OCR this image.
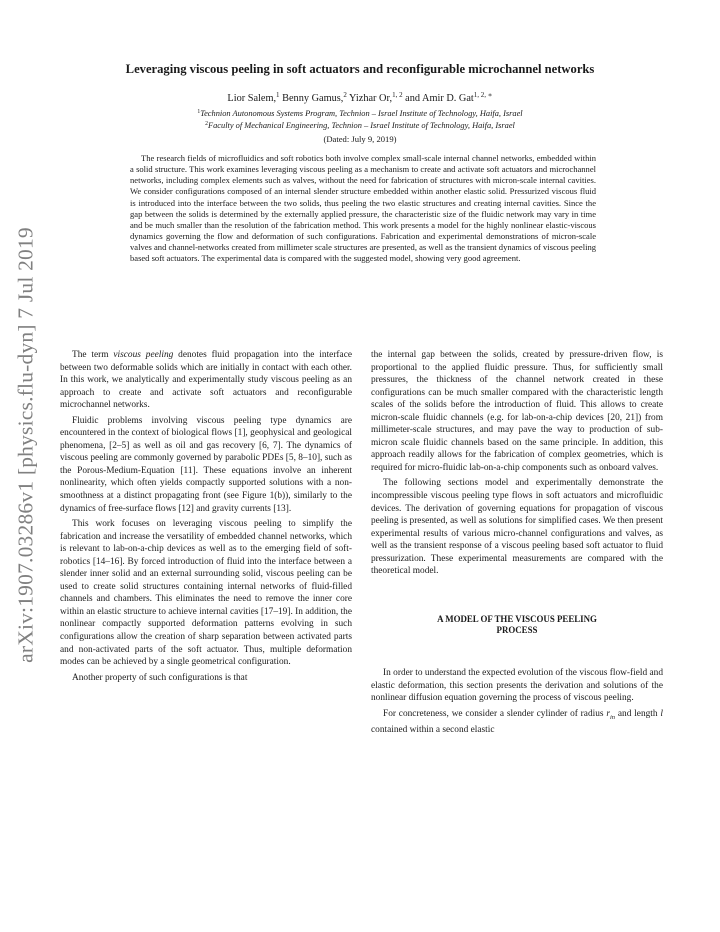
arXiv:1907.03286v1 [physics.flu-dyn] 7 Jul 2019
Leveraging viscous peeling in soft actuators and reconfigurable microchannel networks
Lior Salem,$^1$ Benny Gamus,$^2$ Yizhar Or,$^{1, 2}$ and Amir D. Gat$^{1, 2, ∗}$
$^1$Technion Autonomous Systems Program, Technion – Israel Institute of Technology, Haifa, Israel
$^2$Faculty of Mechanical Engineering, Technion – Israel Institute of Technology, Haifa, Israel
(Dated: July 9, 2019)
The research fields of microfluidics and soft robotics both involve complex small-scale internal channel networks, embedded within a solid structure. This work examines leveraging viscous peeling as a mechanism to create and activate soft actuators and microchannel networks, including complex elements such as valves, without the need for fabrication of structures with micron-scale internal cavities. We consider configurations composed of an internal slender structure embedded within another elastic solid. Pressurized viscous fluid is introduced into the interface between the two solids, thus peeling the two elastic structures and creating internal cavities. Since the gap between the solids is determined by the externally applied pressure, the characteristic size of the fluidic network may vary in time and be much smaller than the resolution of the fabrication method. This work presents a model for the highly nonlinear elastic-viscous dynamics governing the flow and deformation of such configurations. Fabrication and experimental demonstrations of micron-scale valves and channel-networks created from millimeter scale structures are presented, as well as the transient dynamics of viscous peeling based soft actuators. The experimental data is compared with the suggested model, showing very good agreement.

The term viscous peeling denotes fluid propagation into the interface between two deformable solids which are initially in contact with each other. In this work, we analytically and experimentally study viscous peeling as an approach to create and activate soft actuators and reconfigurable microchannel networks.

Fluidic problems involving viscous peeling type dynamics are encountered in the context of biological flows [1], geophysical and geological phenomena, [2–5] as well as oil and gas recovery [6, 7]. The dynamics of viscous peeling are commonly governed by parabolic PDEs [5, 8–10], such as the Porous-Medium-Equation [11]. These equations involve an inherent nonlinearity, which often yields compactly supported solutions with a non-smoothness at a distinct propagating front (see Figure 1(b)), similarly to the dynamics of free-surface flows [12] and gravity currents [13].

This work focuses on leveraging viscous peeling to simplify the fabrication and increase the versatility of embedded channel networks, which is relevant to lab-on-a-chip devices as well as to the emerging field of soft-robotics [14–16]. By forced introduction of fluid into the interface between a slender inner solid and an external surrounding solid, viscous peeling can be used to create solid structures containing internal networks of fluid-filled channels and chambers. This eliminates the need to remove the inner core within an elastic structure to achieve internal cavities [17–19]. In addition, the nonlinear compactly supported deformation patterns evolving in such configurations allow the creation of sharp separation between activated parts and non-activated parts of the soft actuator. Thus, multiple deformation modes can be achieved by a single geometrical configuration.

Another property of such configurations is that

the internal gap between the solids, created by pressure-driven flow, is proportional to the applied fluidic pressure. Thus, for sufficiently small pressures, the thickness of the channel network created in these configurations can be much smaller compared with the characteristic length scales of the solids before the introduction of fluid. This allows to create micron-scale fluidic channels (e.g. for lab-on-a-chip devices [20, 21]) from millimeter-scale structures, and may pave the way to production of sub-micron scale fluidic channels based on the same principle. In addition, this approach readily allows for the fabrication of complex geometries, which is required for micro-fluidic lab-on-a-chip components such as onboard valves.

The following sections model and experimentally demonstrate the incompressible viscous peeling type flows in soft actuators and microfluidic devices. The derivation of governing equations for propagation of viscous peeling is presented, as well as solutions for simplified cases. We then present experimental results of various micro-channel configurations and valves, as well as the transient response of a viscous peeling based soft actuator to fluid pressurization. These experimental measurements are compared with the theoretical model.

A MODEL OF THE VISCOUS PEELING
PROCESS

In order to understand the expected evolution of the viscous flow-field and elastic deformation, this section presents the derivation and solutions of the nonlinear diffusion equation governing the process of viscous peeling.

For concreteness, we consider a slender cylinder of radius $r_{in}$ and length l contained within a second elastic
